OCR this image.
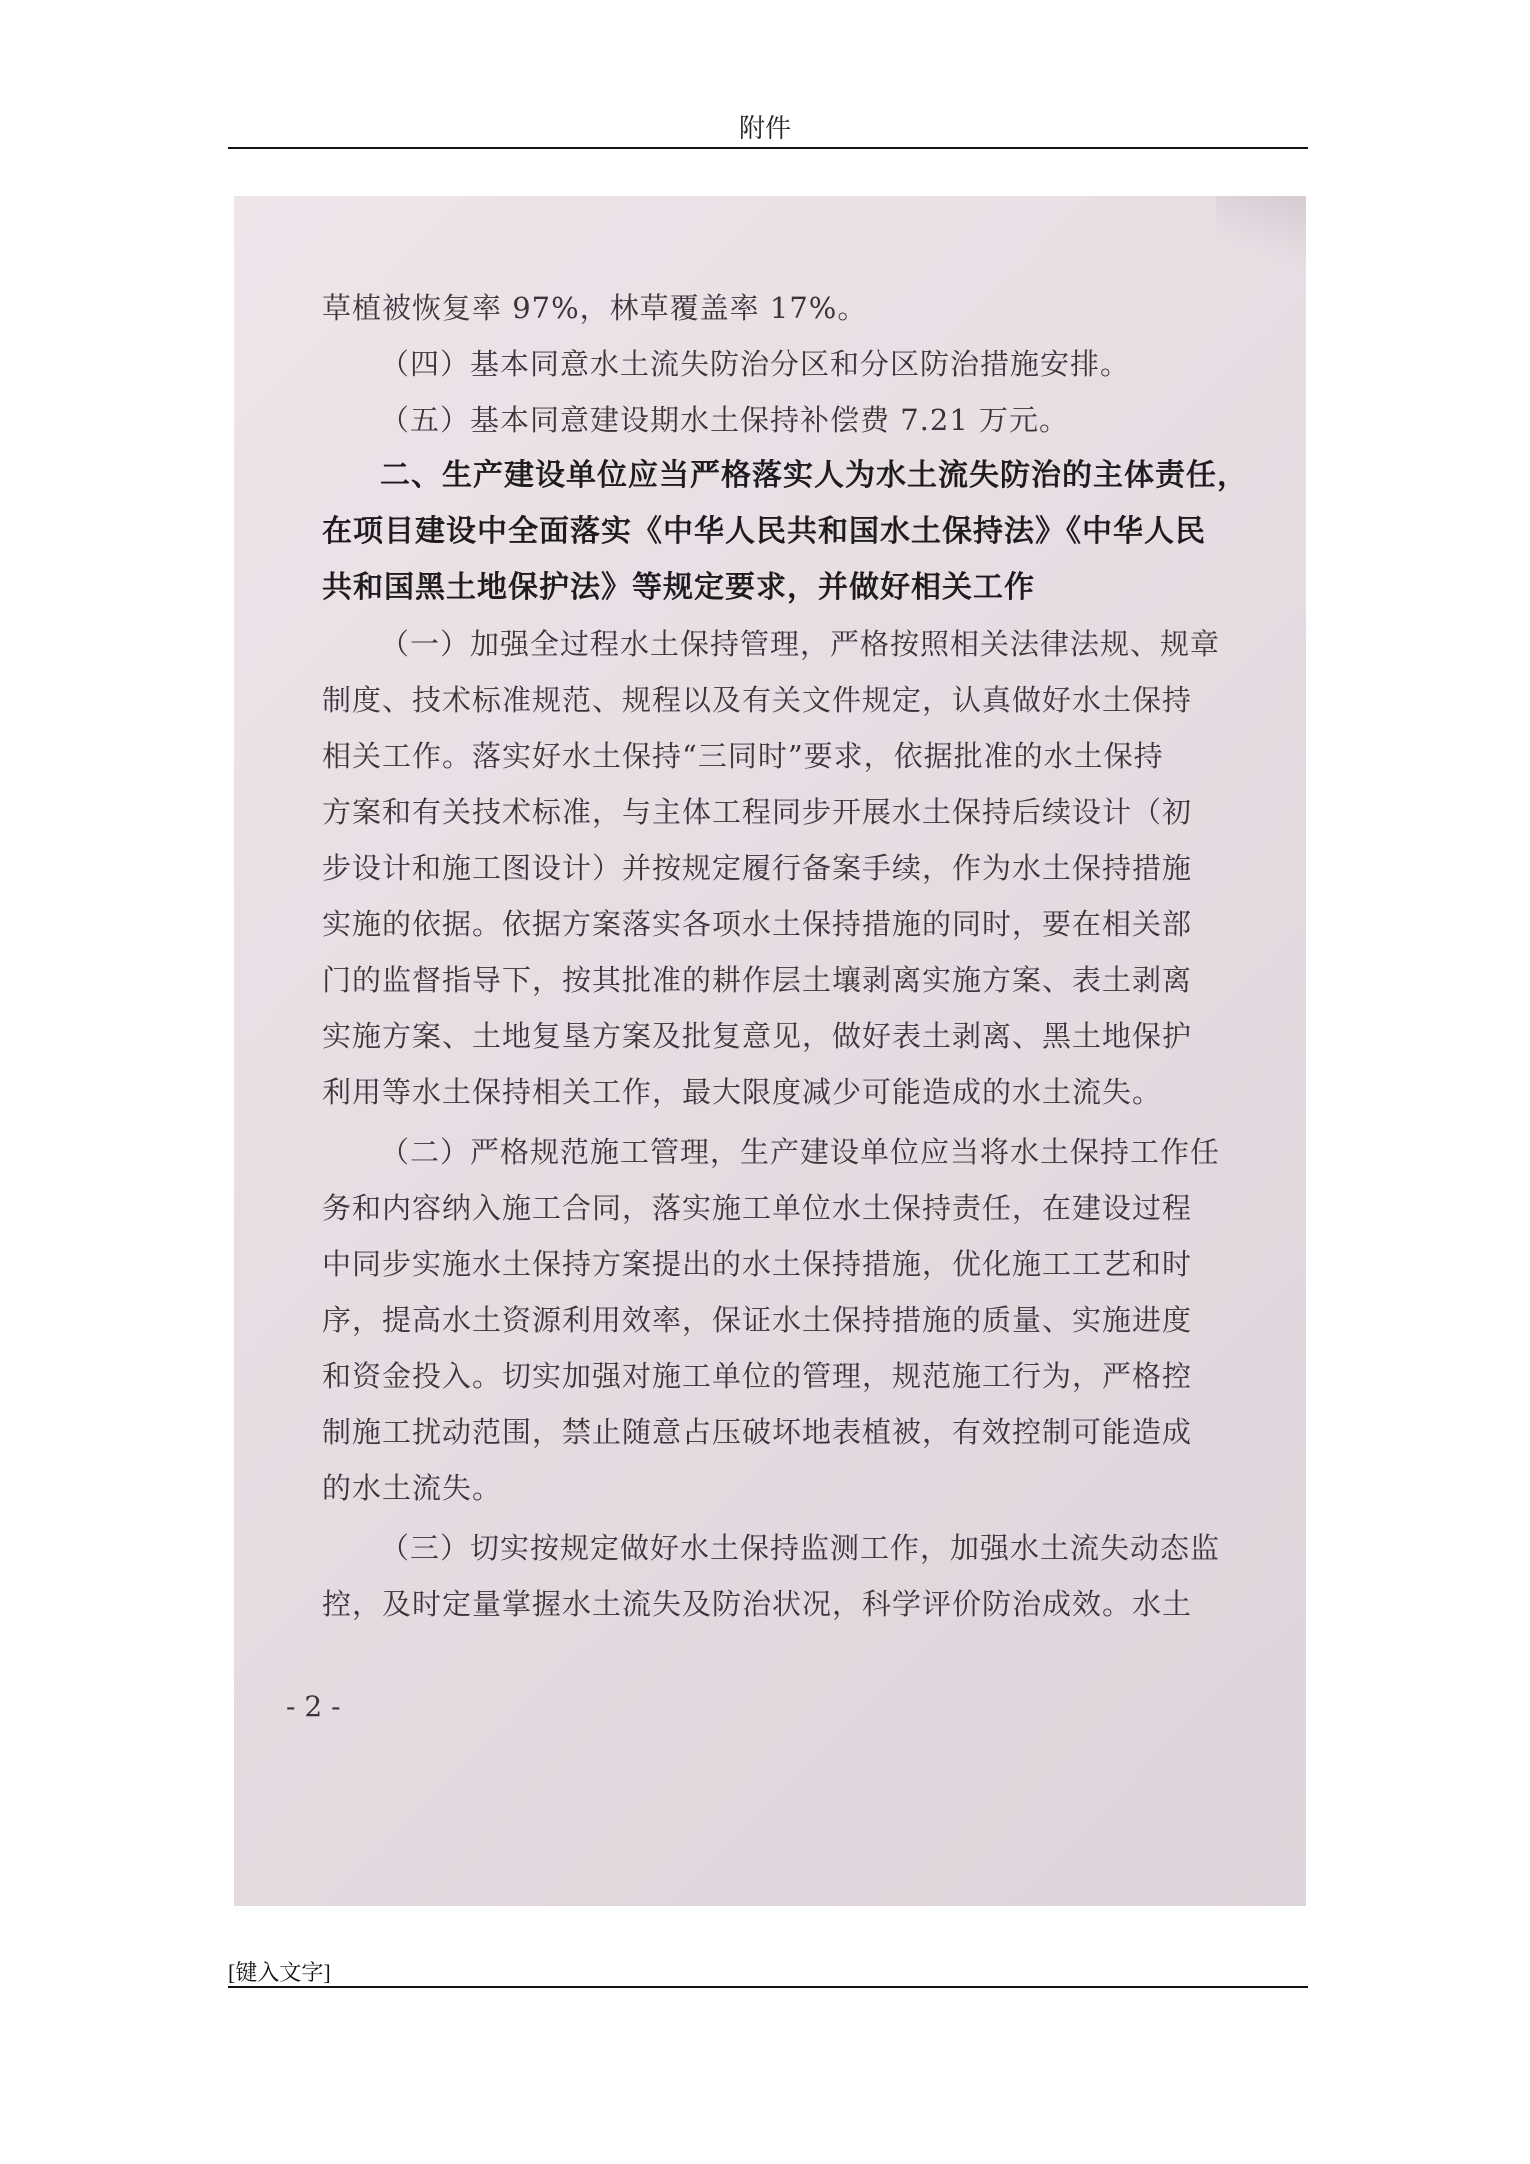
附件
草植被恢复率 97%，林草覆盖率 17%。
（四）基本同意水土流失防治分区和分区防治措施安排。
（五）基本同意建设期水土保持补偿费 7.21 万元。
二、生产建设单位应当严格落实人为水土流失防治的主体责任，
在项目建设中全面落实《中华人民共和国水土保持法》《中华人民
共和国黑土地保护法》等规定要求，并做好相关工作
（一）加强全过程水土保持管理，严格按照相关法律法规、规章
制度、技术标准规范、规程以及有关文件规定，认真做好水土保持
相关工作。落实好水土保持“三同时”要求，依据批准的水土保持
方案和有关技术标准，与主体工程同步开展水土保持后续设计（初
步设计和施工图设计）并按规定履行备案手续，作为水土保持措施
实施的依据。依据方案落实各项水土保持措施的同时，要在相关部
门的监督指导下，按其批准的耕作层土壤剥离实施方案、表土剥离
实施方案、土地复垦方案及批复意见，做好表土剥离、黑土地保护
利用等水土保持相关工作，最大限度减少可能造成的水土流失。
（二）严格规范施工管理，生产建设单位应当将水土保持工作任
务和内容纳入施工合同，落实施工单位水土保持责任，在建设过程
中同步实施水土保持方案提出的水土保持措施，优化施工工艺和时
序，提高水土资源利用效率，保证水土保持措施的质量、实施进度
和资金投入。切实加强对施工单位的管理，规范施工行为，严格控
制施工扰动范围，禁止随意占压破坏地表植被，有效控制可能造成
的水土流失。
（三）切实按规定做好水土保持监测工作，加强水土流失动态监
控，及时定量掌握水土流失及防治状况，科学评价防治成效。水土
- 2 -
[键入文字]
